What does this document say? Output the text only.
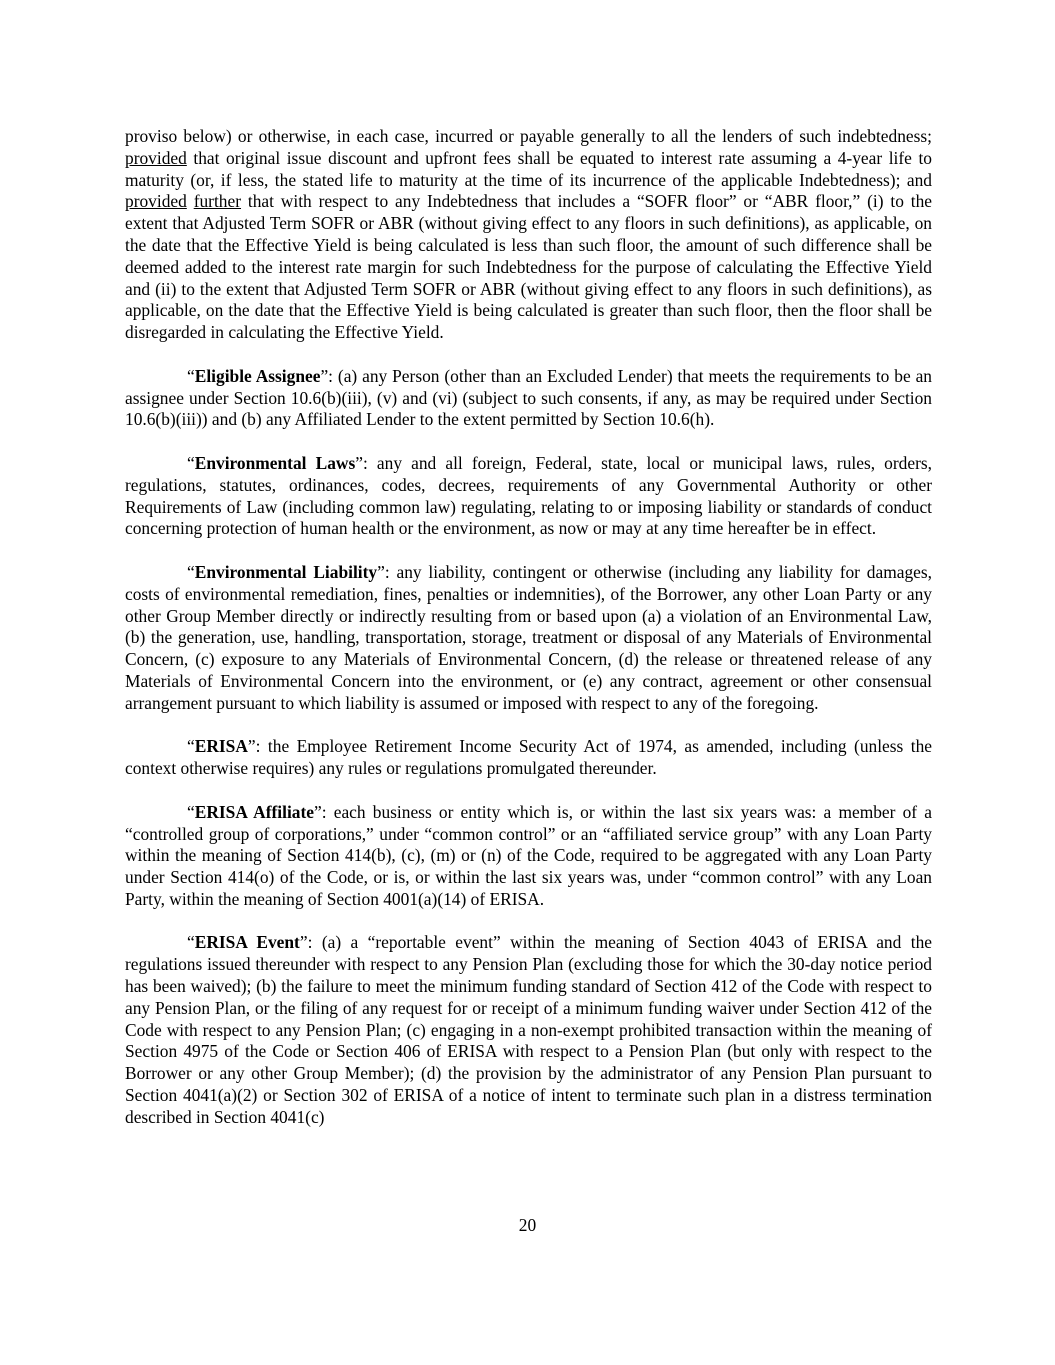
proviso below) or otherwise, in each case, incurred or payable generally to all the lenders of such indebtedness; provided that original issue discount and upfront fees shall be equated to interest rate assuming a 4-year life to maturity (or, if less, the stated life to maturity at the time of its incurrence of the applicable Indebtedness); and provided further that with respect to any Indebtedness that includes a “SOFR floor” or “ABR floor,” (i) to the extent that Adjusted Term SOFR or ABR (without giving effect to any floors in such definitions), as applicable, on the date that the Effective Yield is being calculated is less than such floor, the amount of such difference shall be deemed added to the interest rate margin for such Indebtedness for the purpose of calculating the Effective Yield and (ii) to the extent that Adjusted Term SOFR or ABR (without giving effect to any floors in such definitions), as applicable, on the date that the Effective Yield is being calculated is greater than such floor, then the floor shall be disregarded in calculating the Effective Yield.

“Eligible Assignee”: (a) any Person (other than an Excluded Lender) that meets the requirements to be an assignee under Section 10.6(b)(iii), (v) and (vi) (subject to such consents, if any, as may be required under Section 10.6(b)(iii)) and (b) any Affiliated Lender to the extent permitted by Section 10.6(h).

“Environmental Laws”: any and all foreign, Federal, state, local or municipal laws, rules, orders, regulations, statutes, ordinances, codes, decrees, requirements of any Governmental Authority or other Requirements of Law (including common law) regulating, relating to or imposing liability or standards of conduct concerning protection of human health or the environment, as now or may at any time hereafter be in effect.

“Environmental Liability”: any liability, contingent or otherwise (including any liability for damages, costs of environmental remediation, fines, penalties or indemnities), of the Borrower, any other Loan Party or any other Group Member directly or indirectly resulting from or based upon (a) a violation of an Environmental Law, (b) the generation, use, handling, transportation, storage, treatment or disposal of any Materials of Environmental Concern, (c) exposure to any Materials of Environmental Concern, (d) the release or threatened release of any Materials of Environmental Concern into the environment, or (e) any contract, agreement or other consensual arrangement pursuant to which liability is assumed or imposed with respect to any of the foregoing.

“ERISA”: the Employee Retirement Income Security Act of 1974, as amended, including (unless the context otherwise requires) any rules or regulations promulgated thereunder.

“ERISA Affiliate”: each business or entity which is, or within the last six years was: a member of a “controlled group of corporations,” under “common control” or an “affiliated service group” with any Loan Party within the meaning of Section 414(b), (c), (m) or (n) of the Code, required to be aggregated with any Loan Party under Section 414(o) of the Code, or is, or within the last six years was, under “common control” with any Loan Party, within the meaning of Section 4001(a)(14) of ERISA.

“ERISA Event”: (a) a “reportable event” within the meaning of Section 4043 of ERISA and the regulations issued thereunder with respect to any Pension Plan (excluding those for which the 30-day notice period has been waived); (b) the failure to meet the minimum funding standard of Section 412 of the Code with respect to any Pension Plan, or the filing of any request for or receipt of a minimum funding waiver under Section 412 of the Code with respect to any Pension Plan; (c) engaging in a non-exempt prohibited transaction within the meaning of Section 4975 of the Code or Section 406 of ERISA with respect to a Pension Plan (but only with respect to the Borrower or any other Group Member); (d) the provision by the administrator of any Pension Plan pursuant to Section 4041(a)(2) or Section 302 of ERISA of a notice of intent to terminate such plan in a distress termination described in Section 4041(c)

20
